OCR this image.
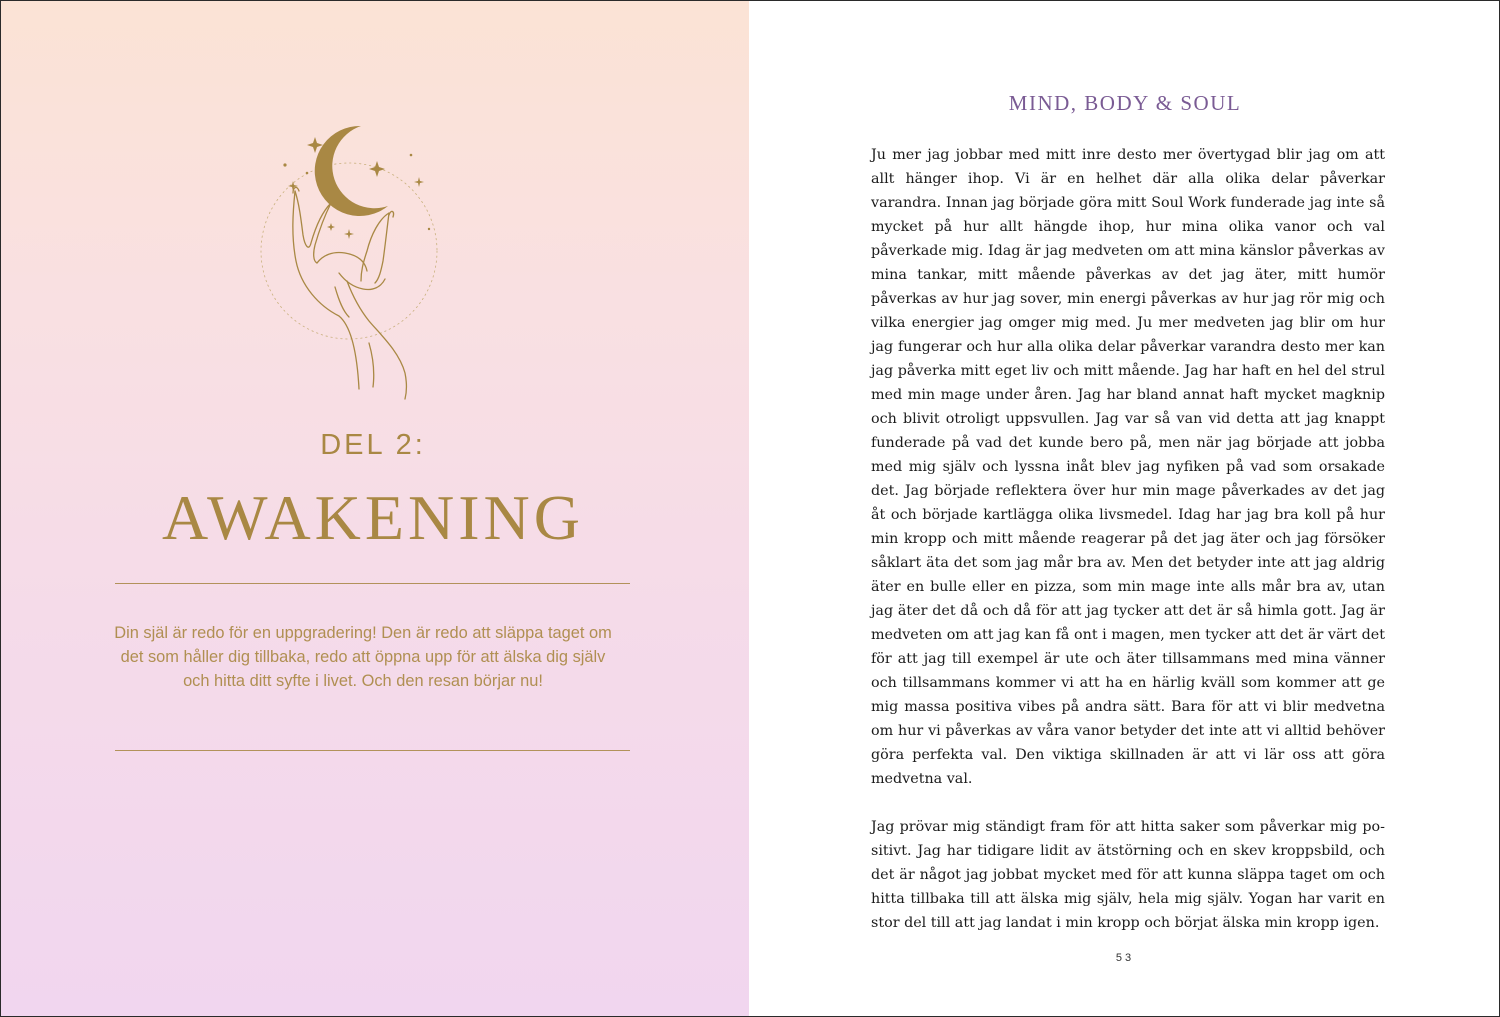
DEL 2:
AWAKENING

Din själ är redo för en uppgradering! Den är redo att släppa taget om det som håller dig tillbaka, redo att öppna upp för att älska dig själv och hitta ditt syfte i livet. Och den resan börjar nu!

MIND, BODY & SOUL

Ju mer jag jobbar med mitt inre desto mer övertygad blir jag om att allt hänger ihop. Vi är en helhet där alla olika delar påverkar varandra. Innan jag började göra mitt Soul Work funderade jag inte så mycket på hur allt hängde ihop, hur mina olika vanor och val påverkade mig. Idag är jag medveten om att mina känslor påverkas av mina tankar, mitt mående påverkas av det jag äter, mitt humör påverkas av hur jag sover, min energi påverkas av hur jag rör mig och vilka energier jag omger mig med. Ju mer medveten jag blir om hur jag fungerar och hur alla olika delar påverkar varandra desto mer kan jag påverka mitt eget liv och mitt mående. Jag har haft en hel del strul med min mage under åren. Jag har bland annat haft mycket magknip och blivit otroligt uppsvullen. Jag var så van vid detta att jag knappt funderade på vad det kunde bero på, men när jag började att jobba med mig själv och lyssna inåt blev jag nyfiken på vad som orsakade det. Jag började reflektera över hur min mage påverkades av det jag åt och började kartlägga olika livsmedel. Idag har jag bra koll på hur min kropp och mitt mående reagerar på det jag äter och jag försöker såklart äta det som jag mår bra av. Men det betyder inte att jag aldrig äter en bulle eller en pizza, som min mage inte alls mår bra av, utan jag äter det då och då för att jag tycker att det är så himla gott. Jag är medveten om att jag kan få ont i magen, men tycker att det är värt det för att jag till exempel är ute och äter tillsammans med mina vänner och tillsammans kommer vi att ha en härlig kväll som kommer att ge mig massa positiva vibes på andra sätt. Bara för att vi blir medvetna om hur vi påverkas av våra vanor betyder det inte att vi alltid behöver göra perfekta val. Den viktiga skillnaden är att vi lär oss att göra medvetna val.

Jag prövar mig ständigt fram för att hitta saker som påverkar mig positivt. Jag har tidigare lidit av ätstörning och en skev kroppsbild, och det är något jag jobbat mycket med för att kunna släppa taget om och hitta tillbaka till att älska mig själv, hela mig själv. Yogan har varit en stor del till att jag landat i min kropp och börjat älska min kropp igen.

53
